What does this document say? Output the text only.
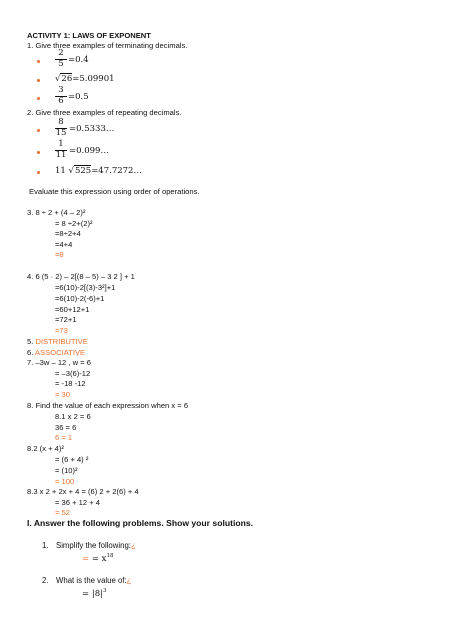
ACTIVITY 1: LAWS OF EXPONENT
1. Give three examples of terminating decimals.
2
5 =0.4
√26=5.09901
3
6 =0.5
2. Give three examples of repeating decimals.
8
15 =0.5333…
1
11 =0.099…
11 √525=47.7272…
Evaluate this expression using order of operations.
3. 8 ÷ 2 + (4 – 2)²
= 8 ÷2+(2)²
=8÷2+4
=4+4
=8
4. 6 (5 · 2) – 2[(8 – 5) – 3 2 ] + 1
=6(10)-2[(3)-3²]+1
=6(10)-2(-6)+1
=60+12+1
=72+1
=73
5. DISTRIBUTIVE
6. ASSOCIATIVE
7. –3w – 12 , w = 6
= –3(6)-12
= -18 -12
= 30
8. Find the value of each expression when x = 6
8.1 x 2 = 6
36 = 6
6 = 1
8.2 (x + 4)²
= (6 + 4) ²
= (10)²
= 100
8.3 x 2 + 2x + 4 = (6) 2 + 2(6) + 4
= 36 + 12 + 4
= 52
I. Answer the following problems. Show your solutions.
1. Simplify the following:¿
= = $x^{18}$
2. What is the value of:¿
= $|8|^3$
